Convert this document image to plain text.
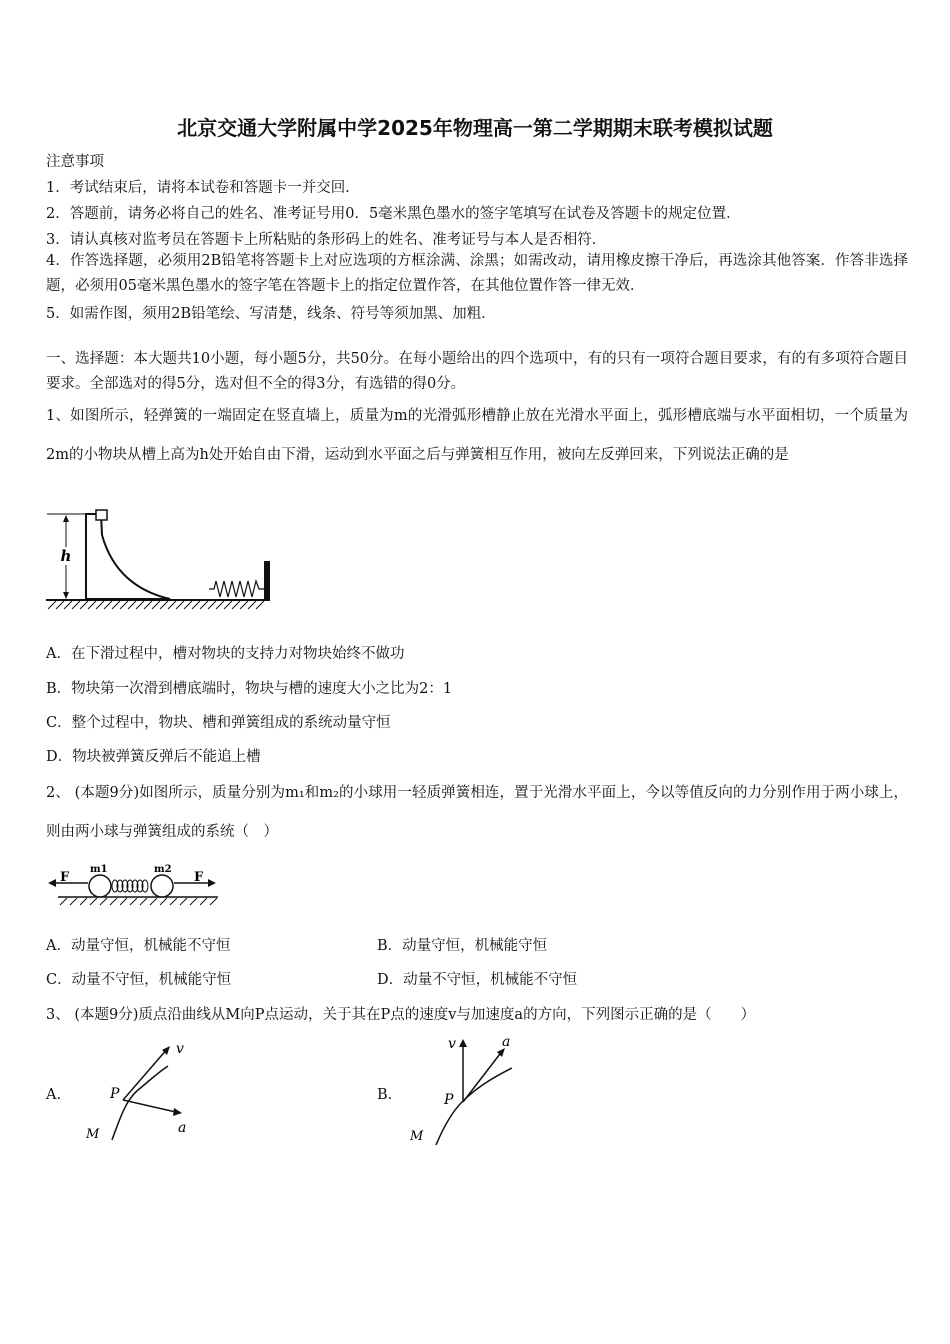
北京交通大学附属中学2025年物理高一第二学期期末联考模拟试题
注意事项
1．考试结束后，请将本试卷和答题卡一并交回．
2．答题前，请务必将自己的姓名、准考证号用0．5毫米黑色墨水的签字笔填写在试卷及答题卡的规定位置．
3．请认真核对监考员在答题卡上所粘贴的条形码上的姓名、准考证号与本人是否相符．
4．作答选择题，必须用2B铅笔将答题卡上对应选项的方框涂满、涂黑；如需改动，请用橡皮擦干净后，再选涂其他答案．作答非选择题，必须用05毫米黑色墨水的签字笔在答题卡上的指定位置作答，在其他位置作答一律无效．
5．如需作图，须用2B铅笔绘、写清楚，线条、符号等须加黑、加粗．
一、选择题：本大题共10小题，每小题5分，共50分。在每小题给出的四个选项中，有的只有一项符合题目要求，有的有多项符合题目要求。全部选对的得5分，选对但不全的得3分，有选错的得0分。
1、如图所示，轻弹簧的一端固定在竖直墙上，质量为m的光滑弧形槽静止放在光滑水平面上，弧形槽底端与水平面相切，一个质量为2m的小物块从槽上高为h处开始自由下滑，运动到水平面之后与弹簧相互作用，被向左反弹回来，下列说法正确的是
h
A．在下滑过程中，槽对物块的支持力对物块始终不做功
B．物块第一次滑到槽底端时，物块与槽的速度大小之比为2：1
C．整个过程中，物块、槽和弹簧组成的系统动量守恒
D．物块被弹簧反弹后不能追上槽
2、 (本题9分)如图所示，质量分别为m₁和m₂的小球用一轻质弹簧相连，置于光滑水平面上，今以等值反向的力分别作用于两小球上，则由两小球与弹簧组成的系统（　）
F
m1	m2
F
A．动量守恒，机械能不守恒	B．动量守恒，机械能守恒
C．动量不守恒，机械能守恒	D．动量不守恒，机械能不守恒
3、 (本题9分)质点沿曲线从M向P点运动，关于其在P点的速度v与加速度a的方向，下列图示正确的是（　　）
A.
v
P
a
M
B.
v	a
P
M
